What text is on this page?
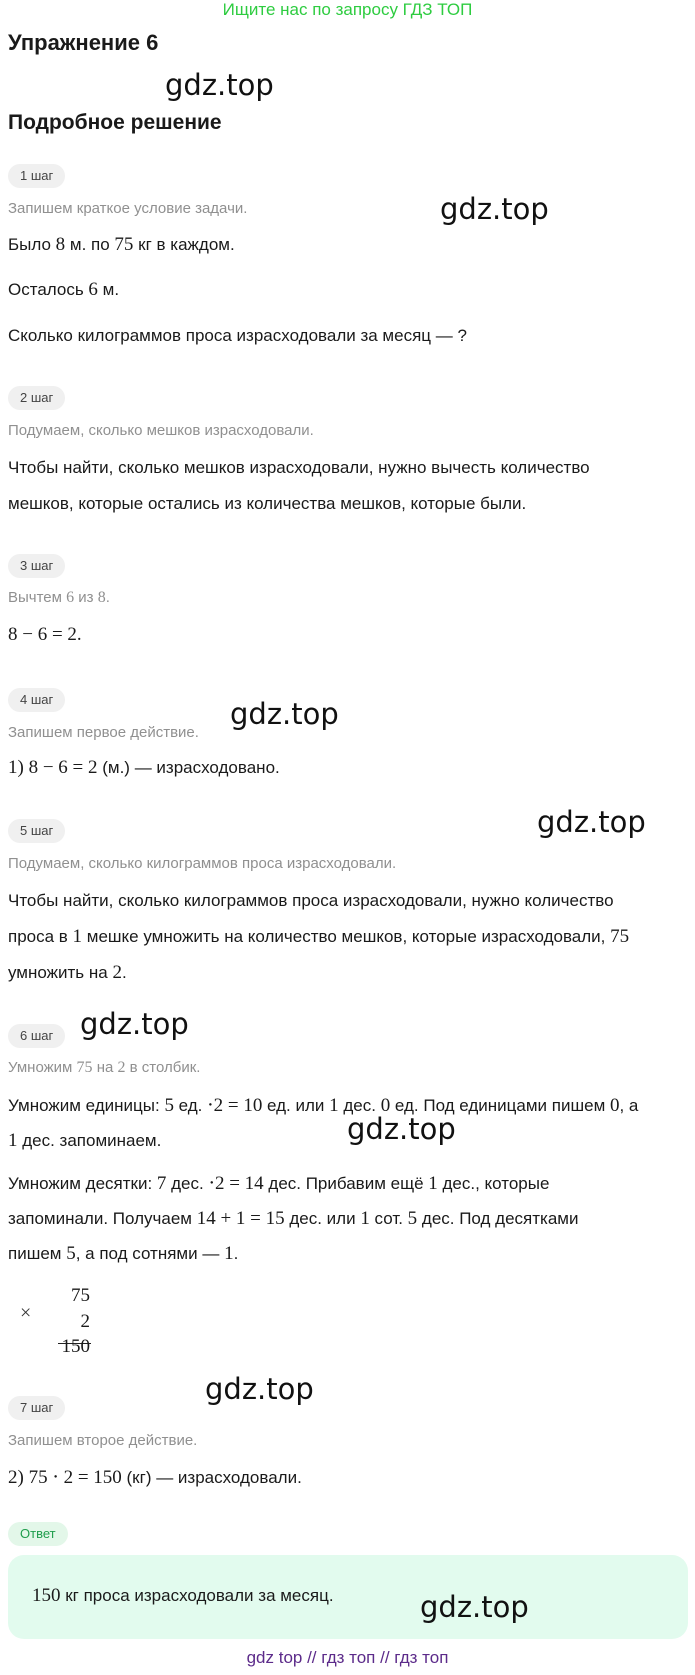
Ищите нас по запросу ГДЗ ТОП
Упражнение 6
gdz.top
Подробное решение
1 шаг
Запишем краткое условие задачи.	gdz.top
Было 8 м. по 75 кг в каждом.
Осталось 6 м.
Сколько килограммов проса израсходовали за месяц — ?
2 шаг
Подумаем, сколько мешков израсходовали.
Чтобы найти, сколько мешков израсходовали, нужно вычесть количество
мешков, которые остались из количества мешков, которые были.
3 шаг
Вычтем 6 из 8.
8 − 6 = 2.
4 шаг	gdz.top
Запишем первое действие.
1) 8 − 6 = 2 (м.) — израсходовано.
5 шаг	gdz.top
Подумаем, сколько килограммов проса израсходовали.
Чтобы найти, сколько килограммов проса израсходовали, нужно количество
проса в 1 мешке умножить на количество мешков, которые израсходовали, 75
умножить на 2.
6 шаг gdz.top
Умножим 75 на 2 в столбик.
Умножим единицы: 5 ед. ⋅2 = 10 ед. или 1 дес. 0 ед. Под единицами пишем 0, а
gdz.top
1 дес. запоминаем.
Умножим десятки: 7 дес. ⋅2 = 14 дес. Прибавим ещё 1 дес., которые
запоминали. Получаем 14 + 1 = 15 дес. или 1 сот. 5 дес. Под десятками
пишем 5, а под сотнями — 1.
×
75
2
150
gdz.top
7 шаг
Запишем второе действие.
2) 75 ⋅ 2 = 150 (кг) — израсходовали.
Ответ
150 кг проса израсходовали за месяц.	gdz.top
gdz top // гдз топ // гдз топ
